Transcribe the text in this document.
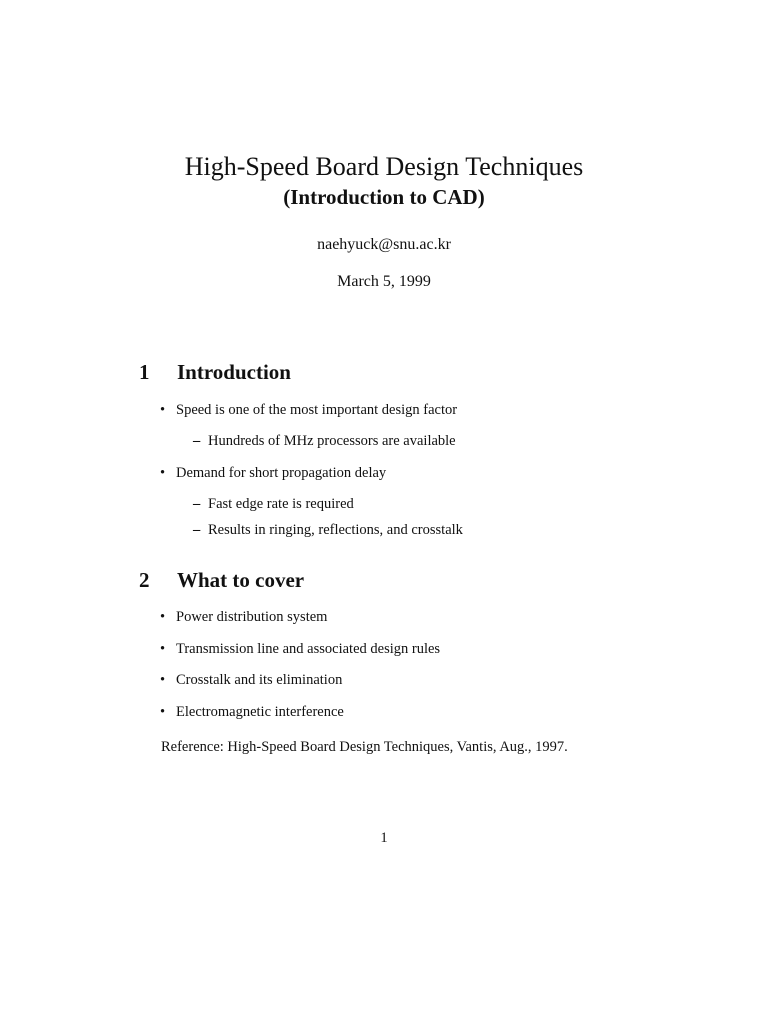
High-Speed Board Design Techniques
(Introduction to CAD)
naehyuck@snu.ac.kr
March 5, 1999
1 Introduction
• Speed is one of the most important design factor
– Hundreds of MHz processors are available
• Demand for short propagation delay
– Fast edge rate is required
– Results in ringing, reflections, and crosstalk
2 What to cover
• Power distribution system
• Transmission line and associated design rules
• Crosstalk and its elimination
• Electromagnetic interference
Reference: High-Speed Board Design Techniques, Vantis, Aug., 1997.
1
